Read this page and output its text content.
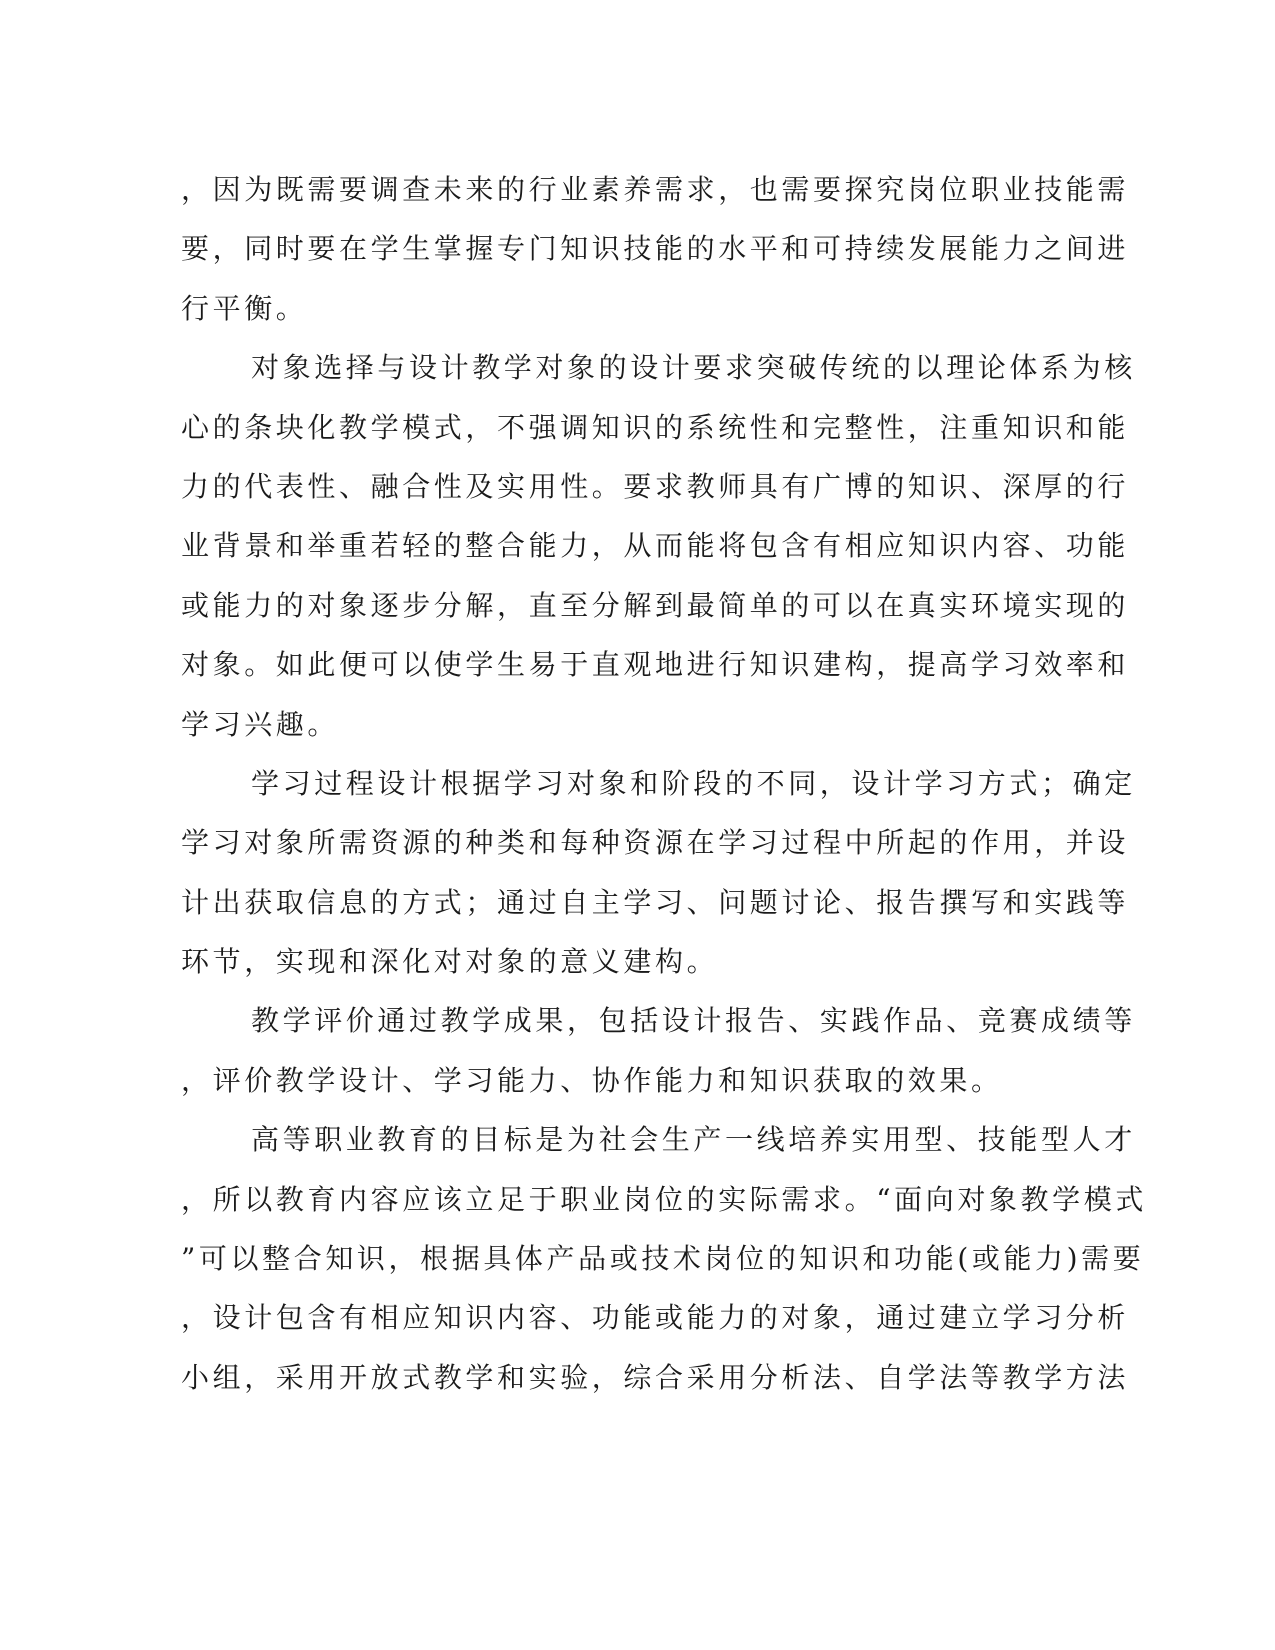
，因为既需要调查未来的行业素养需求，也需要探究岗位职业技能需
要，同时要在学生掌握专门知识技能的水平和可持续发展能力之间进
行平衡。
对象选择与设计教学对象的设计要求突破传统的以理论体系为核
心的条块化教学模式，不强调知识的系统性和完整性，注重知识和能
力的代表性、融合性及实用性。要求教师具有广博的知识、深厚的行
业背景和举重若轻的整合能力，从而能将包含有相应知识内容、功能
或能力的对象逐步分解，直至分解到最简单的可以在真实环境实现的
对象。如此便可以使学生易于直观地进行知识建构，提高学习效率和
学习兴趣。
学习过程设计根据学习对象和阶段的不同，设计学习方式；确定
学习对象所需资源的种类和每种资源在学习过程中所起的作用，并设
计出获取信息的方式；通过自主学习、问题讨论、报告撰写和实践等
环节，实现和深化对对象的意义建构。
教学评价通过教学成果，包括设计报告、实践作品、竞赛成绩等
，评价教学设计、学习能力、协作能力和知识获取的效果。
高等职业教育的目标是为社会生产一线培养实用型、技能型人才
，所以教育内容应该立足于职业岗位的实际需求。“面向对象教学模式
”可以整合知识，根据具体产品或技术岗位的知识和功能(或能力)需要
，设计包含有相应知识内容、功能或能力的对象，通过建立学习分析
小组，采用开放式教学和实验，综合采用分析法、自学法等教学方法
